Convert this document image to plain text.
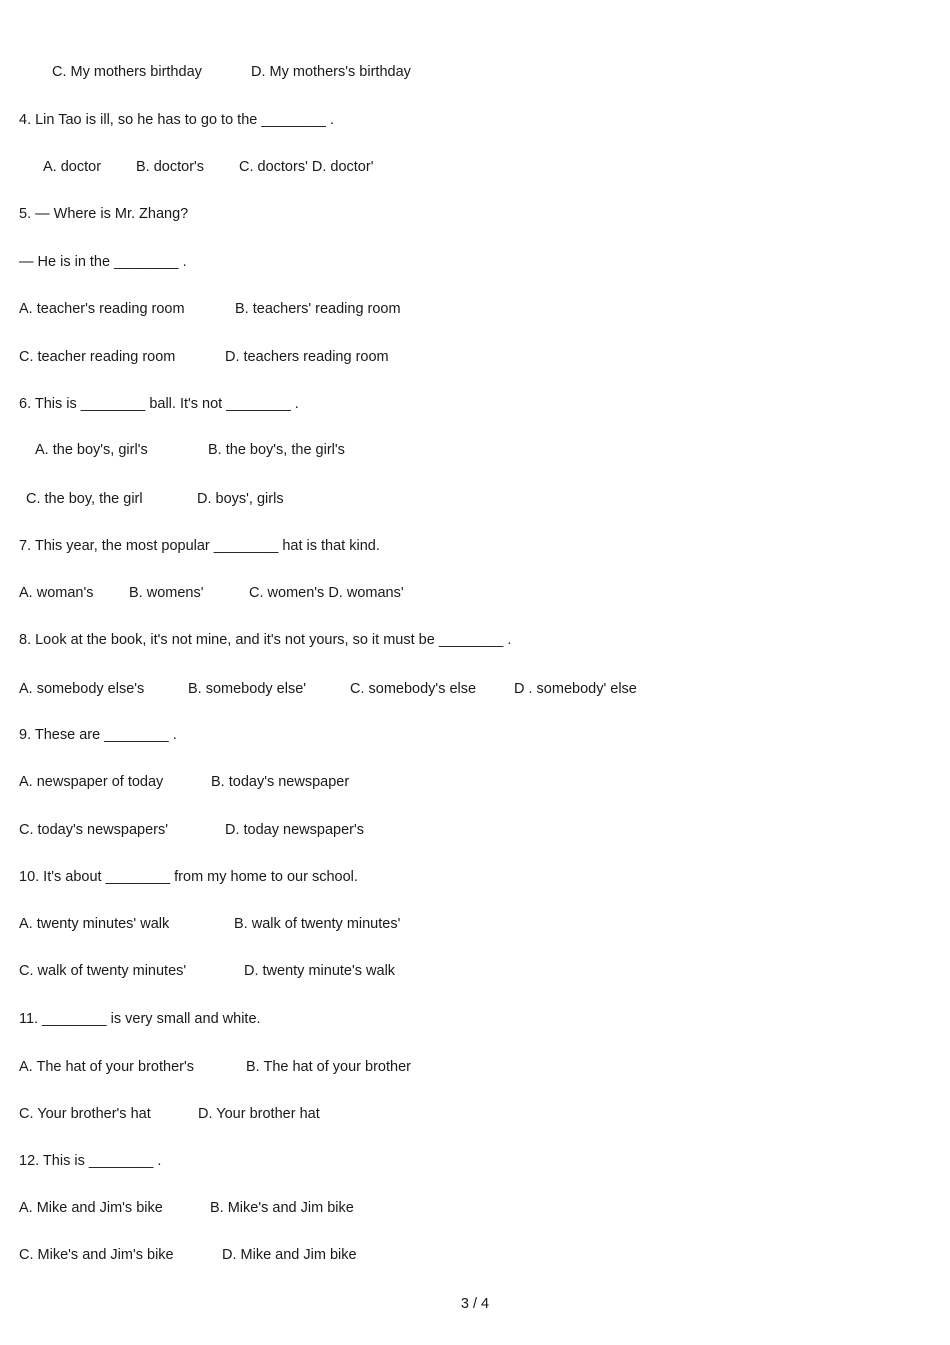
C. My mothers birthday	D. My mothers's birthday
4. Lin Tao is ill, so he has to go to the ________ .
A. doctor B. doctor's C. doctors' D. doctor'
5. — Where is Mr. Zhang?
— He is in the ________ .
A. teacher's reading room	B. teachers' reading room
C. teacher reading room	D. teachers reading room
6. This is ________ ball. It's not ________ .
A. the boy's, girl's	B. the boy's, the girl's
C. the boy, the girl	D. boys', girls
7. This year, the most popular ________ hat is that kind.
A. woman's B. womens'	C. women's D. womans'
8. Look at the book, it's not mine, and it's not yours, so it must be ________ .
A. somebody else's	B. somebody else'	C. somebody's else	D . somebody' else
9. These are ________ .
A. newspaper of today	B. today's newspaper
C. today's newspapers'	D. today newspaper's
10. It's about ________ from my home to our school.
A. twenty minutes' walk	B. walk of twenty minutes'
C. walk of twenty minutes'	D. twenty minute's walk
11. ________ is very small and white.
A. The hat of your brother's	B. The hat of your brother
C. Your brother's hat	D. Your brother hat
12. This is ________ .
A. Mike and Jim's bike	B. Mike's and Jim bike
C. Mike's and Jim's bike	D. Mike and Jim bike
3 / 4
